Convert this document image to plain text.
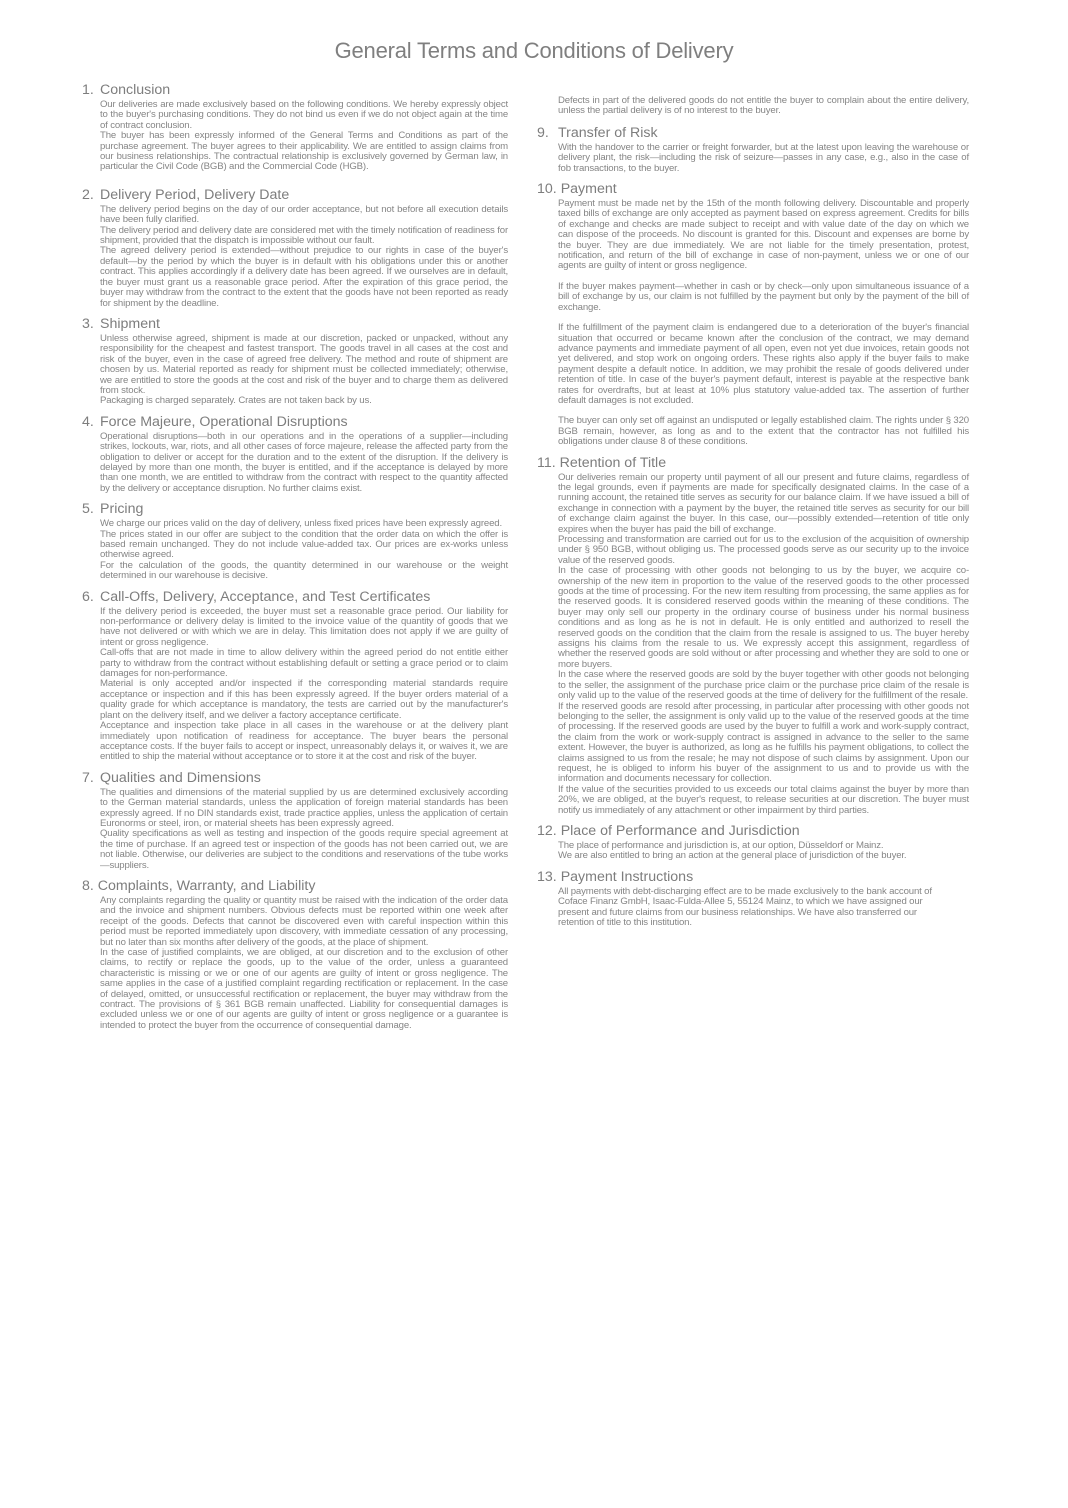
General Terms and Conditions of Delivery
1. Conclusion

Our deliveries are made exclusively based on the following conditions. We hereby expressly object to the buyer's purchasing conditions. They do not bind us even if we do not object again at the time of contract conclusion.

The buyer has been expressly informed of the General Terms and Conditions as part of the purchase agreement. The buyer agrees to their applicability. We are entitled to assign claims from our business relationships. The contractual relationship is exclusively governed by German law, in particular the Civil Code (BGB) and the Commercial Code (HGB).

2. Delivery Period, Delivery Date

The delivery period begins on the day of our order acceptance, but not before all execution details have been fully clarified.

The delivery period and delivery date are considered met with the timely notification of readiness for shipment, provided that the dispatch is impossible without our fault.

The agreed delivery period is extended—without prejudice to our rights in case of the buyer's default—by the period by which the buyer is in default with his obligations under this or another contract. This applies accordingly if a delivery date has been agreed. If we ourselves are in default, the buyer must grant us a reasonable grace period. After the expiration of this grace period, the buyer may withdraw from the contract to the extent that the goods have not been reported as ready for shipment by the deadline.

3. Shipment

Unless otherwise agreed, shipment is made at our discretion, packed or unpacked, without any responsibility for the cheapest and fastest transport. The goods travel in all cases at the cost and risk of the buyer, even in the case of agreed free delivery. The method and route of shipment are chosen by us. Material reported as ready for shipment must be collected immediately; otherwise, we are entitled to store the goods at the cost and risk of the buyer and to charge them as delivered from stock.

Packaging is charged separately. Crates are not taken back by us.

4. Force Majeure, Operational Disruptions

Operational disruptions—both in our operations and in the operations of a supplier—including strikes, lockouts, war, riots, and all other cases of force majeure, release the affected party from the obligation to deliver or accept for the duration and to the extent of the disruption. If the delivery is delayed by more than one month, the buyer is entitled, and if the acceptance is delayed by more than one month, we are entitled to withdraw from the contract with respect to the quantity affected by the delivery or acceptance disruption. No further claims exist.

5. Pricing

We charge our prices valid on the day of delivery, unless fixed prices have been expressly agreed.

The prices stated in our offer are subject to the condition that the order data on which the offer is based remain unchanged. They do not include value-added tax. Our prices are ex-works unless otherwise agreed.

For the calculation of the goods, the quantity determined in our warehouse or the weight determined in our warehouse is decisive.

6. Call-Offs, Delivery, Acceptance, and Test Certificates

If the delivery period is exceeded, the buyer must set a reasonable grace period. Our liability for non-performance or delivery delay is limited to the invoice value of the quantity of goods that we have not delivered or with which we are in delay. This limitation does not apply if we are guilty of intent or gross negligence.

Call-offs that are not made in time to allow delivery within the agreed period do not entitle either party to withdraw from the contract without establishing default or setting a grace period or to claim damages for non-performance.

Material is only accepted and/or inspected if the corresponding material standards require acceptance or inspection and if this has been expressly agreed. If the buyer orders material of a quality grade for which acceptance is mandatory, the tests are carried out by the manufacturer's plant on the delivery itself, and we deliver a factory acceptance certificate.

Acceptance and inspection take place in all cases in the warehouse or at the delivery plant immediately upon notification of readiness for acceptance. The buyer bears the personal acceptance costs. If the buyer fails to accept or inspect, unreasonably delays it, or waives it, we are entitled to ship the material without acceptance or to store it at the cost and risk of the buyer.

7. Qualities and Dimensions

The qualities and dimensions of the material supplied by us are determined exclusively according to the German material standards, unless the application of foreign material standards has been expressly agreed. If no DIN standards exist, trade practice applies, unless the application of certain Euronorms or steel, iron, or material sheets has been expressly agreed.

Quality specifications as well as testing and inspection of the goods require special agreement at the time of purchase. If an agreed test or inspection of the goods has not been carried out, we are not liable. Otherwise, our deliveries are subject to the conditions and reservations of the tube works—suppliers.

8.
Complaints, Warranty, and Liability

Any complaints regarding the quality or quantity must be raised with the indication of the order data and the invoice and shipment numbers. Obvious defects must be reported within one week after receipt of the goods. Defects that cannot be discovered even with careful inspection within this period must be reported immediately upon discovery, with immediate cessation of any processing, but no later than six months after delivery of the goods, at the place of shipment.

In the case of justified complaints, we are obliged, at our discretion and to the exclusion of other claims, to rectify or replace the goods, up to the value of the order, unless a guaranteed characteristic is missing or we or one of our agents are guilty of intent or gross negligence. The same applies in the case of a justified complaint regarding rectification or replacement. In the case of delayed, omitted, or unsuccessful rectification or replacement, the buyer may withdraw from the contract. The provisions of § 361 BGB remain unaffected. Liability for consequential damages is excluded unless we or one of our agents are guilty of intent or gross negligence or a guarantee is intended to protect the buyer from the occurrence of consequential damage.

Defects in part of the delivered goods do not entitle the buyer to complain about the entire delivery, unless the partial delivery is of no interest to the buyer.

9. Transfer of Risk

With the handover to the carrier or freight forwarder, but at the latest upon leaving the warehouse or delivery plant, the risk—including the risk of seizure—passes in any case, e.g., also in the case of fob transactions, to the buyer.

10.
Payment

Payment must be made net by the 15th of the month following delivery. Discountable and properly taxed bills of exchange are only accepted as payment based on express agreement. Credits for bills of exchange and checks are made subject to receipt and with value date of the day on which we can dispose of the proceeds. No discount is granted for this. Discount and expenses are borne by the buyer. They are due immediately. We are not liable for the timely presentation, protest, notification, and return of the bill of exchange in case of non-payment, unless we or one of our agents are guilty of intent or gross negligence.

If the buyer makes payment—whether in cash or by check—only upon simultaneous issuance of a bill of exchange by us, our claim is not fulfilled by the payment but only by the payment of the bill of exchange.

If the fulfillment of the payment claim is endangered due to a deterioration of the buyer's financial situation that occurred or became known after the conclusion of the contract, we may demand advance payments and immediate payment of all open, even not yet due invoices, retain goods not yet delivered, and stop work on ongoing orders. These rights also apply if the buyer fails to make payment despite a default notice. In addition, we may prohibit the resale of goods delivered under retention of title. In case of the buyer's payment default, interest is payable at the respective bank rates for overdrafts, but at least at 10% plus statutory value-added tax. The assertion of further default damages is not excluded.

The buyer can only set off against an undisputed or legally established claim. The rights under § 320 BGB remain, however, as long as and to the extent that the contractor has not fulfilled his obligations under clause 8 of these conditions.

11.
Retention of Title

Our deliveries remain our property until payment of all our present and future claims, regardless of the legal grounds, even if payments are made for specifically designated claims. In the case of a running account, the retained title serves as security for our balance claim. If we have issued a bill of exchange in connection with a payment by the buyer, the retained title serves as security for our bill of exchange claim against the buyer. In this case, our—possibly extended—retention of title only expires when the buyer has paid the bill of exchange.

Processing and transformation are carried out for us to the exclusion of the acquisition of ownership under § 950 BGB, without obliging us. The processed goods serve as our security up to the invoice value of the reserved goods.

In the case of processing with other goods not belonging to us by the buyer, we acquire co-ownership of the new item in proportion to the value of the reserved goods to the other processed goods at the time of processing. For the new item resulting from processing, the same applies as for the reserved goods. It is considered reserved goods within the meaning of these conditions. The buyer may only sell our property in the ordinary course of business under his normal business conditions and as long as he is not in default. He is only entitled and authorized to resell the reserved goods on the condition that the claim from the resale is assigned to us. The buyer hereby assigns his claims from the resale to us. We expressly accept this assignment, regardless of whether the reserved goods are sold without or after processing and whether they are sold to one or more buyers.

In the case where the reserved goods are sold by the buyer together with other goods not belonging to the seller, the assignment of the purchase price claim or the purchase price claim of the resale is only valid up to the value of the reserved goods at the time of delivery for the fulfillment of the resale.

If the reserved goods are resold after processing, in particular after processing with other goods not belonging to the seller, the assignment is only valid up to the value of the reserved goods at the time of processing. If the reserved goods are used by the buyer to fulfill a work and work-supply contract, the claim from the work or work-supply contract is assigned in advance to the seller to the same extent. However, the buyer is authorized, as long as he fulfills his payment obligations, to collect the claims assigned to us from the resale; he may not dispose of such claims by assignment. Upon our request, he is obliged to inform his buyer of the assignment to us and to provide us with the information and documents necessary for collection.

If the value of the securities provided to us exceeds our total claims against the buyer by more than 20%, we are obliged, at the buyer's request, to release securities at our discretion. The buyer must notify us immediately of any attachment or other impairment by third parties.

12.
Place of Performance and Jurisdiction

The place of performance and jurisdiction is, at our option, Düsseldorf or Mainz.

We are also entitled to bring an action at the general place of jurisdiction of the buyer.

13.
Payment Instructions

All payments with debt-discharging effect are to be made exclusively to the bank account of Coface Finanz GmbH, Isaac-Fulda-Allee 5, 55124 Mainz, to which we have assigned our present and future claims from our business relationships. We have also transferred our retention of title to this institution.
